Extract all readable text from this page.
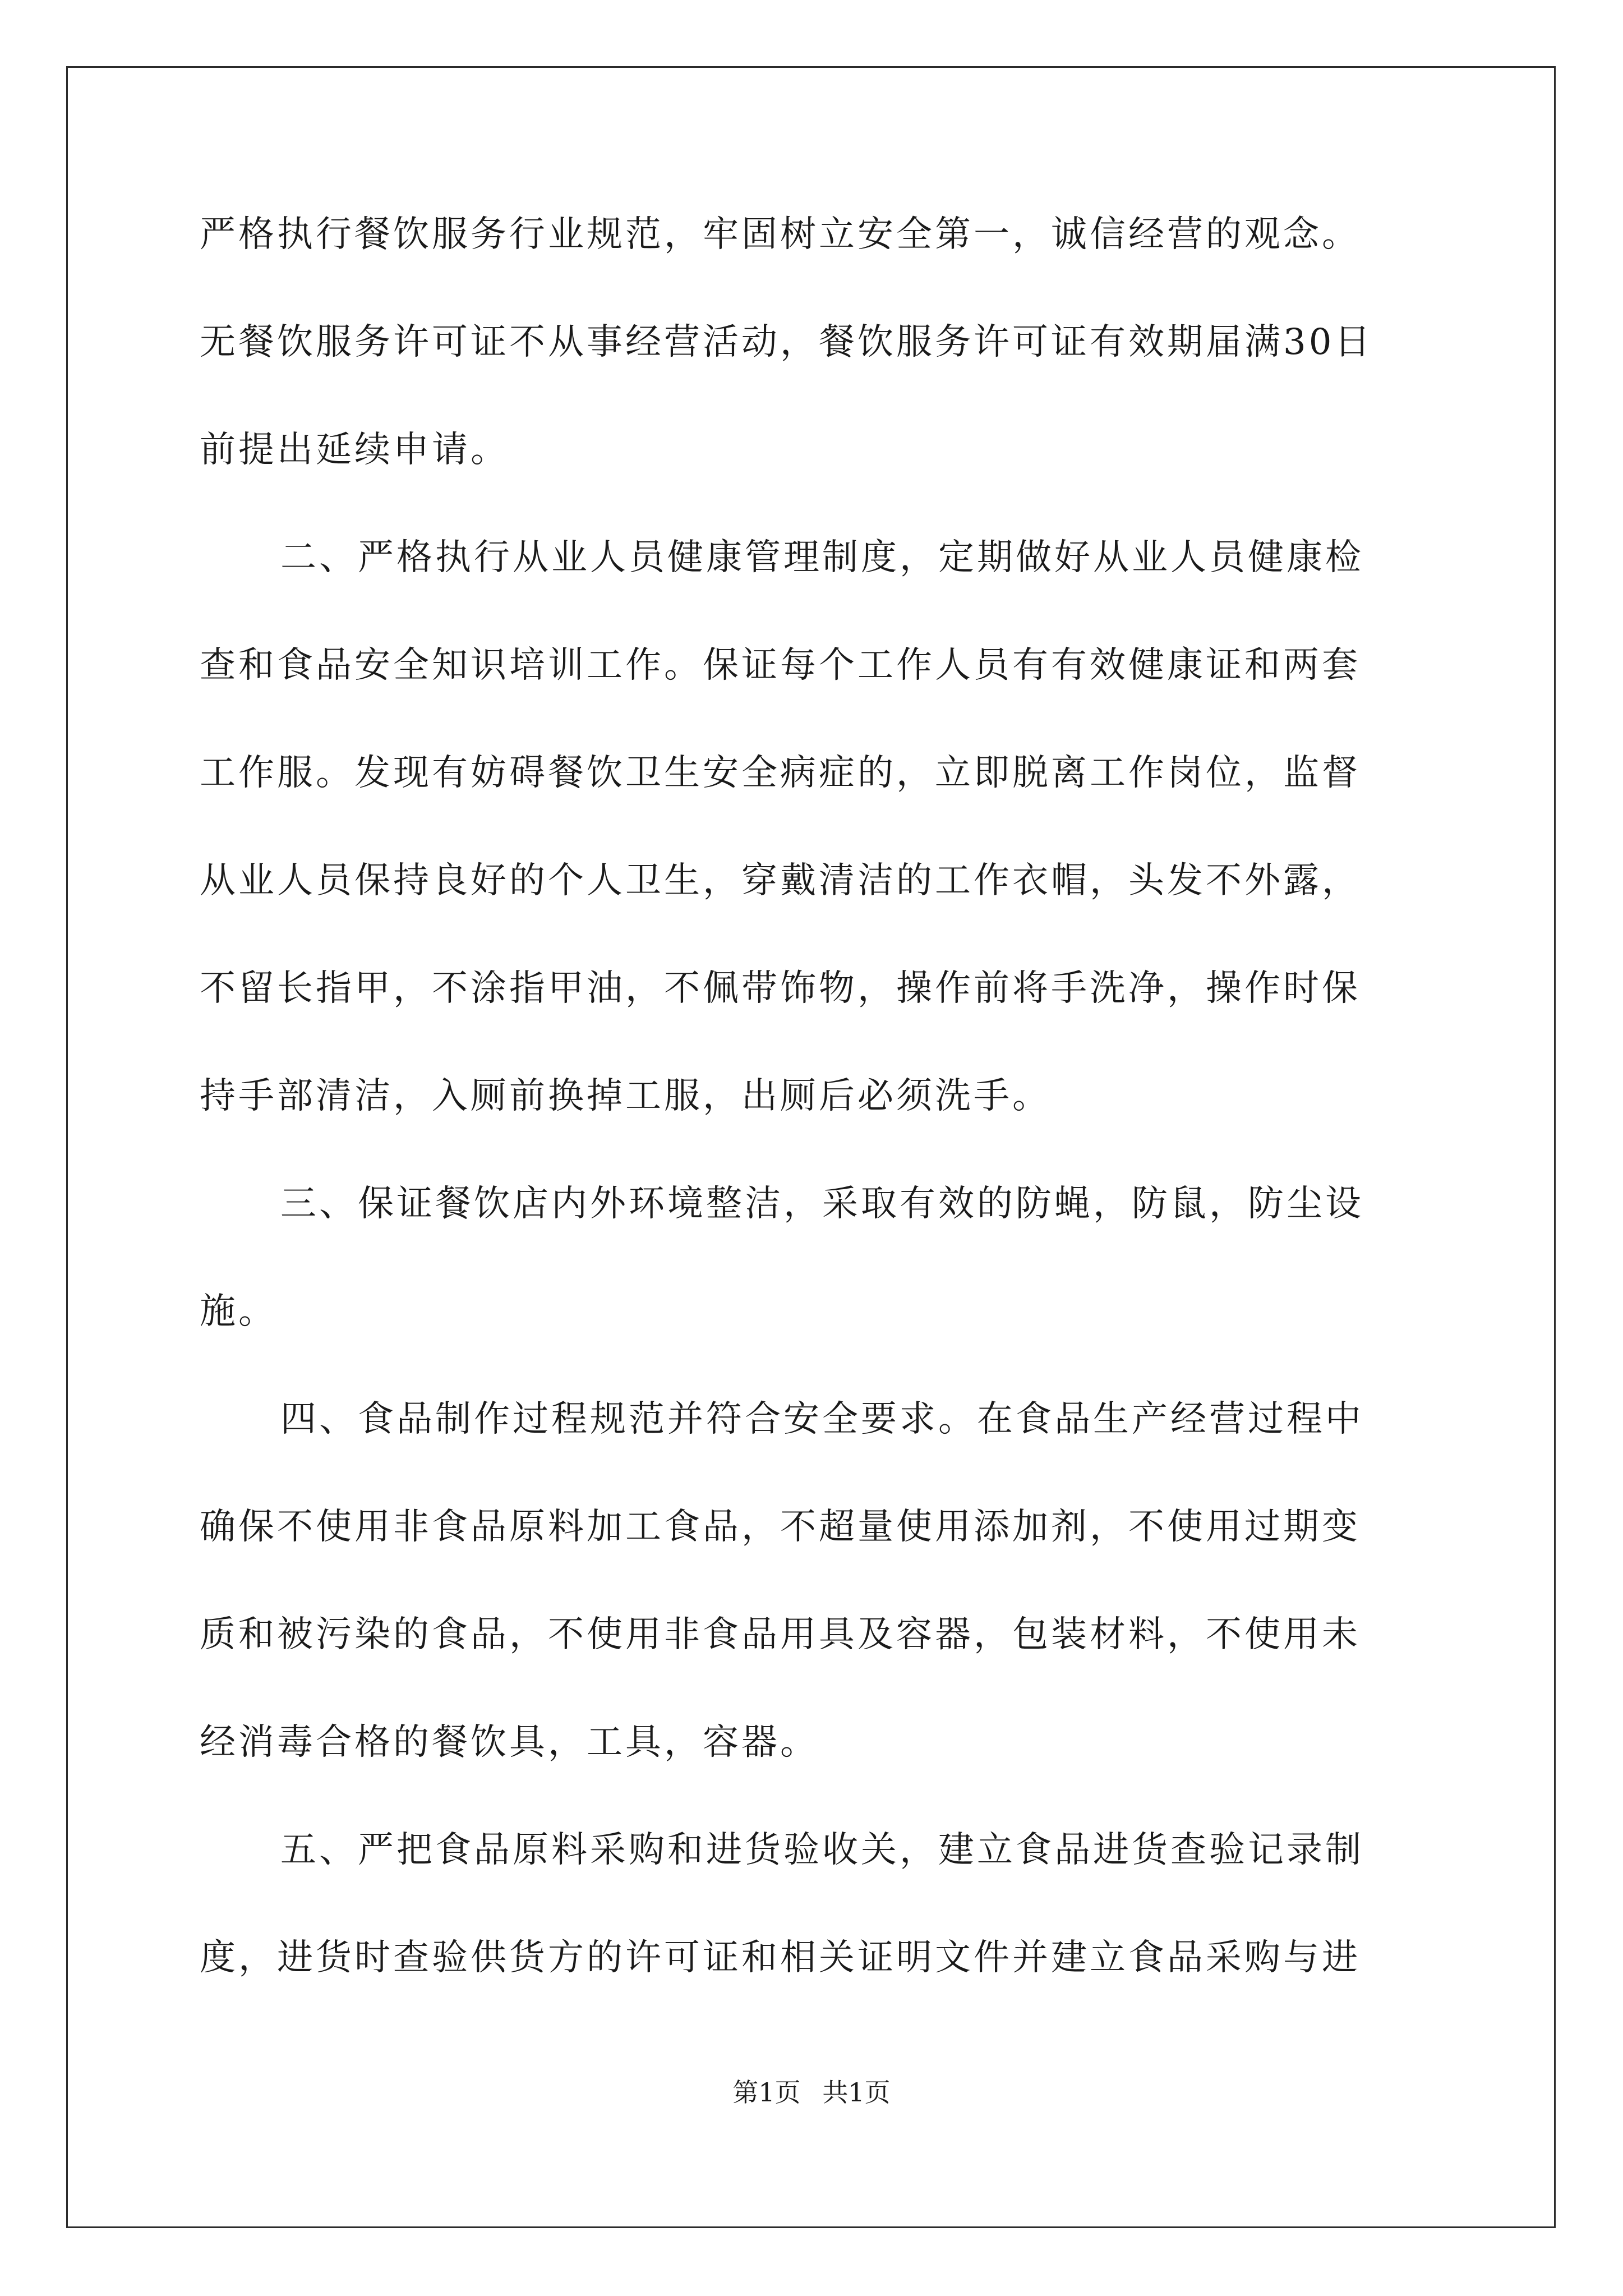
严格执行餐饮服务行业规范，牢固树立安全第一，诚信经营的观念。
无餐饮服务许可证不从事经营活动，餐饮服务许可证有效期届满30日
前提出延续申请。
二、严格执行从业人员健康管理制度，定期做好从业人员健康检
查和食品安全知识培训工作。保证每个工作人员有有效健康证和两套
工作服。发现有妨碍餐饮卫生安全病症的，立即脱离工作岗位，监督
从业人员保持良好的个人卫生，穿戴清洁的工作衣帽，头发不外露，
不留长指甲，不涂指甲油，不佩带饰物，操作前将手洗净，操作时保
持手部清洁，入厕前换掉工服，出厕后必须洗手。
三、保证餐饮店内外环境整洁，采取有效的防蝇，防鼠，防尘设
施。
四、食品制作过程规范并符合安全要求。在食品生产经营过程中
确保不使用非食品原料加工食品，不超量使用添加剂，不使用过期变
质和被污染的食品，不使用非食品用具及容器，包装材料，不使用未
经消毒合格的餐饮具，工具，容器。
五、严把食品原料采购和进货验收关，建立食品进货查验记录制
度，进货时查验供货方的许可证和相关证明文件并建立食品采购与进
第1页 共1页
